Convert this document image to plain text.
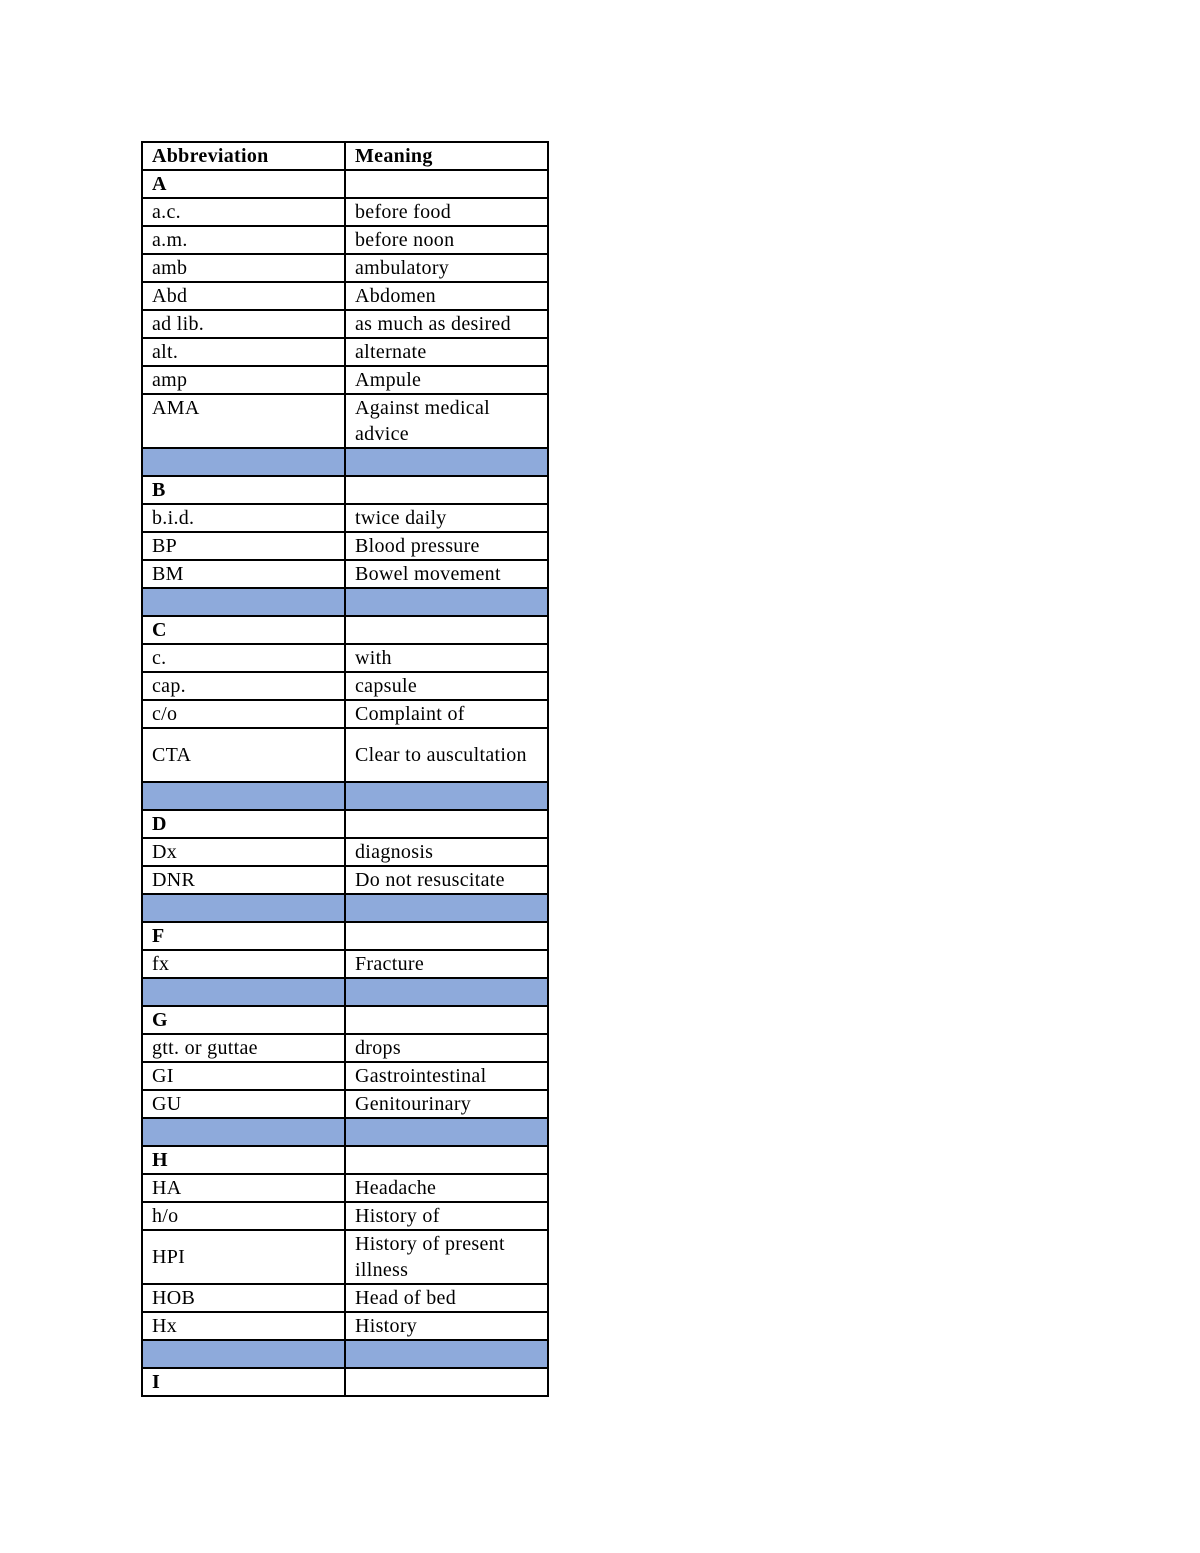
Abbreviation	Meaning
A	
a.c.	before food
a.m.	before noon
amb	ambulatory
Abd	Abdomen
ad lib.	as much as desired
alt.	alternate
amp	Ampule
AMA	Against medical advice

B	
b.i.d.	twice daily
BP	Blood pressure
BM	Bowel movement

C	
c.	with
cap.	capsule
c/o	Complaint of
CTA	Clear to auscultation

D	
Dx	diagnosis
DNR	Do not resuscitate

F	
fx	Fracture

G	
gtt. or guttae	drops
GI	Gastrointestinal
GU	Genitourinary

H	
HA	Headache
h/o	History of
HPI	History of present illness
HOB	Head of bed
Hx	History

I	
